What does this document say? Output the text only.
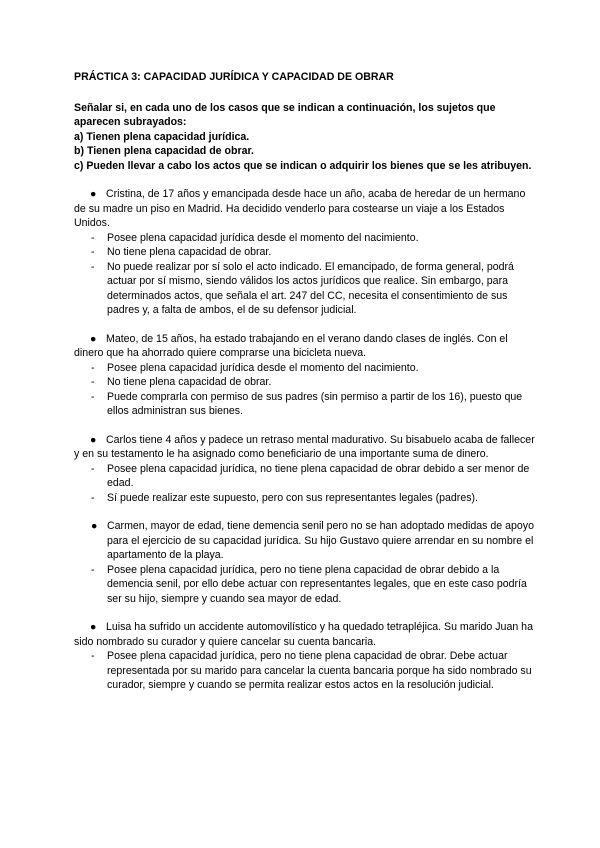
PRÁCTICA 3: CAPACIDAD JURÍDICA Y CAPACIDAD DE OBRAR

Señalar si, en cada uno de los casos que se indican a continuación, los sujetos que aparecen subrayados:

a) Tienen plena capacidad jurídica.

b) Tienen plena capacidad de obrar.

c) Pueden llevar a cabo los actos que se indican o adquirir los bienes que se les atribuyen.

● Cristina, de 17 años y emancipada desde hace un año, acaba de heredar de un hermano de su madre un piso en Madrid. Ha decidido venderlo para costearse un viaje a los Estados Unidos.

- Posee plena capacidad jurídica desde el momento del nacimiento.
- No tiene plena capacidad de obrar.
- No puede realizar por sí solo el acto indicado. El emancipado, de forma general, podrá actuar por sí mismo, siendo válidos los actos jurídicos que realice. Sin embargo, para determinados actos, que señala el art. 247 del CC, necesita el consentimiento de sus padres y, a falta de ambos, el de su defensor judicial.

● Mateo, de 15 años, ha estado trabajando en el verano dando clases de inglés. Con el dinero que ha ahorrado quiere comprarse una bicicleta nueva.

- Posee plena capacidad jurídica desde el momento del nacimiento.
- No tiene plena capacidad de obrar.
- Puede comprarla con permiso de sus padres (sin permiso a partir de los 16), puesto que ellos administran sus bienes.

● Carlos tiene 4 años y padece un retraso mental madurativo. Su bisabuelo acaba de fallecer y en su testamento le ha asignado como beneficiario de una importante suma de dinero.

- Posee plena capacidad jurídica, no tiene plena capacidad de obrar debido a ser menor de edad.
- Sí puede realizar este supuesto, pero con sus representantes legales (padres).
● Carmen, mayor de edad, tiene demencia senil pero no se han adoptado medidas de apoyo para el ejercicio de su capacidad jurídica. Su hijo Gustavo quiere arrendar en su nombre el apartamento de la playa.
- Posee plena capacidad jurídica, pero no tiene plena capacidad de obrar debido a la demencia senil, por ello debe actuar con representantes legales, que en este caso podría ser su hijo, siempre y cuando sea mayor de edad.

● Luisa ha sufrido un accidente automovilístico y ha quedado tetrapléjica. Su marido Juan ha sido nombrado su curador y quiere cancelar su cuenta bancaria.

- Posee plena capacidad jurídica, pero no tiene plena capacidad de obrar. Debe actuar representada por su marido para cancelar la cuenta bancaria porque ha sido nombrado su curador, siempre y cuando se permita realizar estos actos en la resolución judicial.
